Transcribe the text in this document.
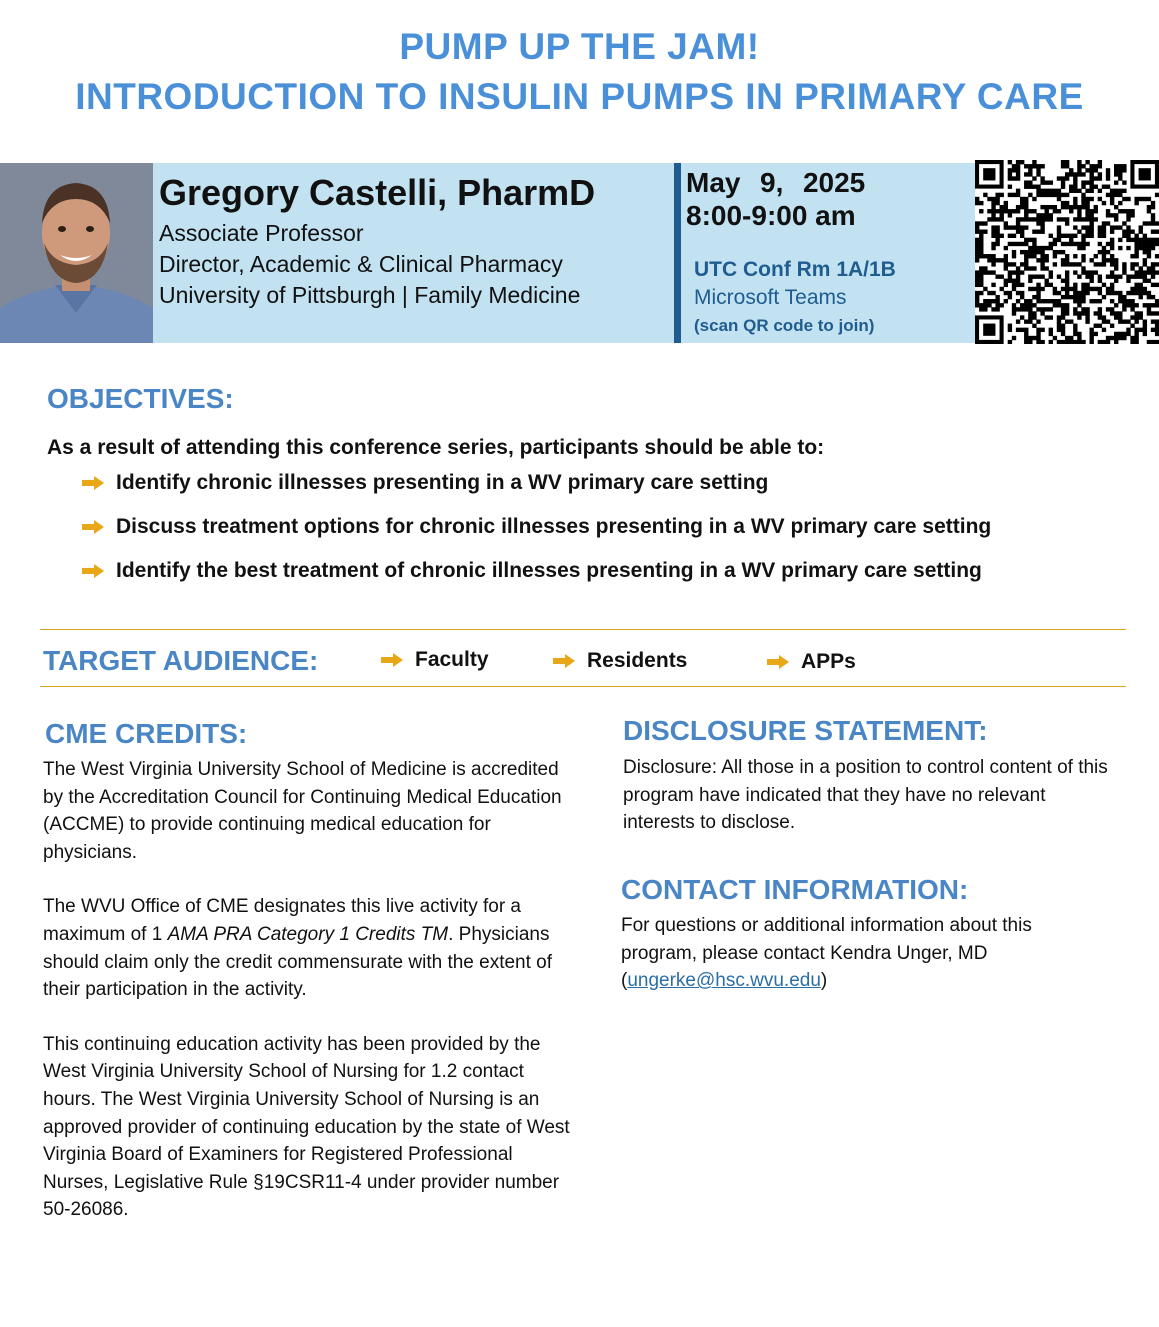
PUMP UP THE JAM!
INTRODUCTION TO INSULIN PUMPS IN PRIMARY CARE
Gregory Castelli, PharmD
Associate Professor
Director, Academic & Clinical Pharmacy
University of Pittsburgh | Family Medicine
May  9,  2025
8:00-9:00 am
UTC Conf Rm 1A/1B
Microsoft Teams
(scan QR code to join)
OBJECTIVES:
As a result of attending this conference series, participants should be able to:
Identify chronic illnesses presenting in a WV primary care setting
Discuss treatment options for chronic illnesses presenting in a WV primary care setting
Identify the best treatment of chronic illnesses presenting in a WV primary care setting
TARGET AUDIENCE:	Faculty	Residents	APPs
CME CREDITS:

The West Virginia University School of Medicine is accredited by the Accreditation Council for Continuing Medical Education (ACCME) to provide continuing medical education for physicians.

The WVU Office of CME designates this live activity for a maximum of 1 AMA PRA Category 1 Credits TM. Physicians should claim only the credit commensurate with the extent of their participation in the activity.

This continuing education activity has been provided by the West Virginia University School of Nursing for 1.2 contact hours. The West Virginia University School of Nursing is an approved provider of continuing education by the state of West Virginia Board of Examiners for Registered Professional Nurses, Legislative Rule §19CSR11-4 under provider number 50-26086.

DISCLOSURE STATEMENT:

Disclosure: All those in a position to control content of this program have indicated that they have no relevant interests to disclose.

CONTACT INFORMATION:

For questions or additional information about this program, please contact Kendra Unger, MD
(ungerke@hsc.wvu.edu)
